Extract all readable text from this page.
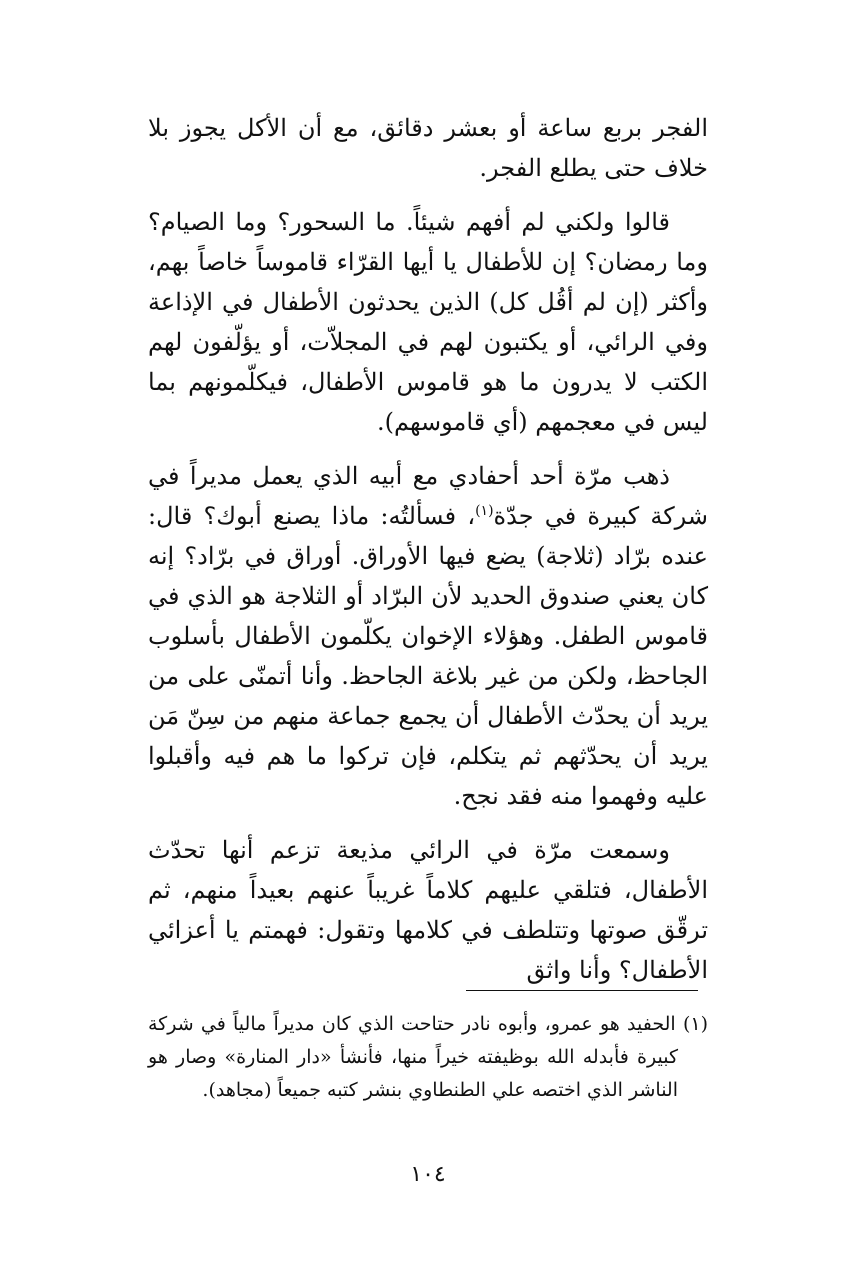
الفجر بربع ساعة أو بعشر دقائق، مع أن الأكل يجوز بلا خلاف حتى يطلع الفجر.

قالوا ولكني لم أفهم شيئاً. ما السحور؟ وما الصيام؟ وما رمضان؟ إن للأطفال يا أيها القرّاء قاموساً خاصاً بهم، وأكثر (إن لم أقُل كل) الذين يحدثون الأطفال في الإذاعة وفي الرائي، أو يكتبون لهم في المجلاّت، أو يؤلّفون لهم الكتب لا يدرون ما هو قاموس الأطفال، فيكلّمونهم بما ليس في معجمهم (أي قاموسهم).

ذهب مرّة أحد أحفادي مع أبيه الذي يعمل مديراً في شركة كبيرة في جدّة$^{(١)}$، فسألتُه: ماذا يصنع أبوك؟ قال: عنده برّاد (ثلاجة) يضع فيها الأوراق. أوراق في برّاد؟ إنه كان يعني صندوق الحديد لأن البرّاد أو الثلاجة هو الذي في قاموس الطفل. وهؤلاء الإخوان يكلّمون الأطفال بأسلوب الجاحظ، ولكن من غير بلاغة الجاحظ. وأنا أتمنّى على من يريد أن يحدّث الأطفال أن يجمع جماعة منهم من سِنّ مَن يريد أن يحدّثهم ثم يتكلم، فإن تركوا ما هم فيه وأقبلوا عليه وفهموا منه فقد نجح.

وسمعت مرّة في الرائي مذيعة تزعم أنها تحدّث الأطفال، فتلقي عليهم كلاماً غريباً عنهم بعيداً منهم، ثم ترقّق صوتها وتتلطف في كلامها وتقول: فهمتم يا أعزائي الأطفال؟ وأنا واثق

(١) الحفيد هو عمرو، وأبوه نادر حتاحت الذي كان مديراً مالياً في شركة كبيرة فأبدله الله بوظيفته خيراً منها، فأنشأ «دار المنارة» وصار هو الناشر الذي اختصه علي الطنطاوي بنشر كتبه جميعاً (مجاهد).

١٠٤
